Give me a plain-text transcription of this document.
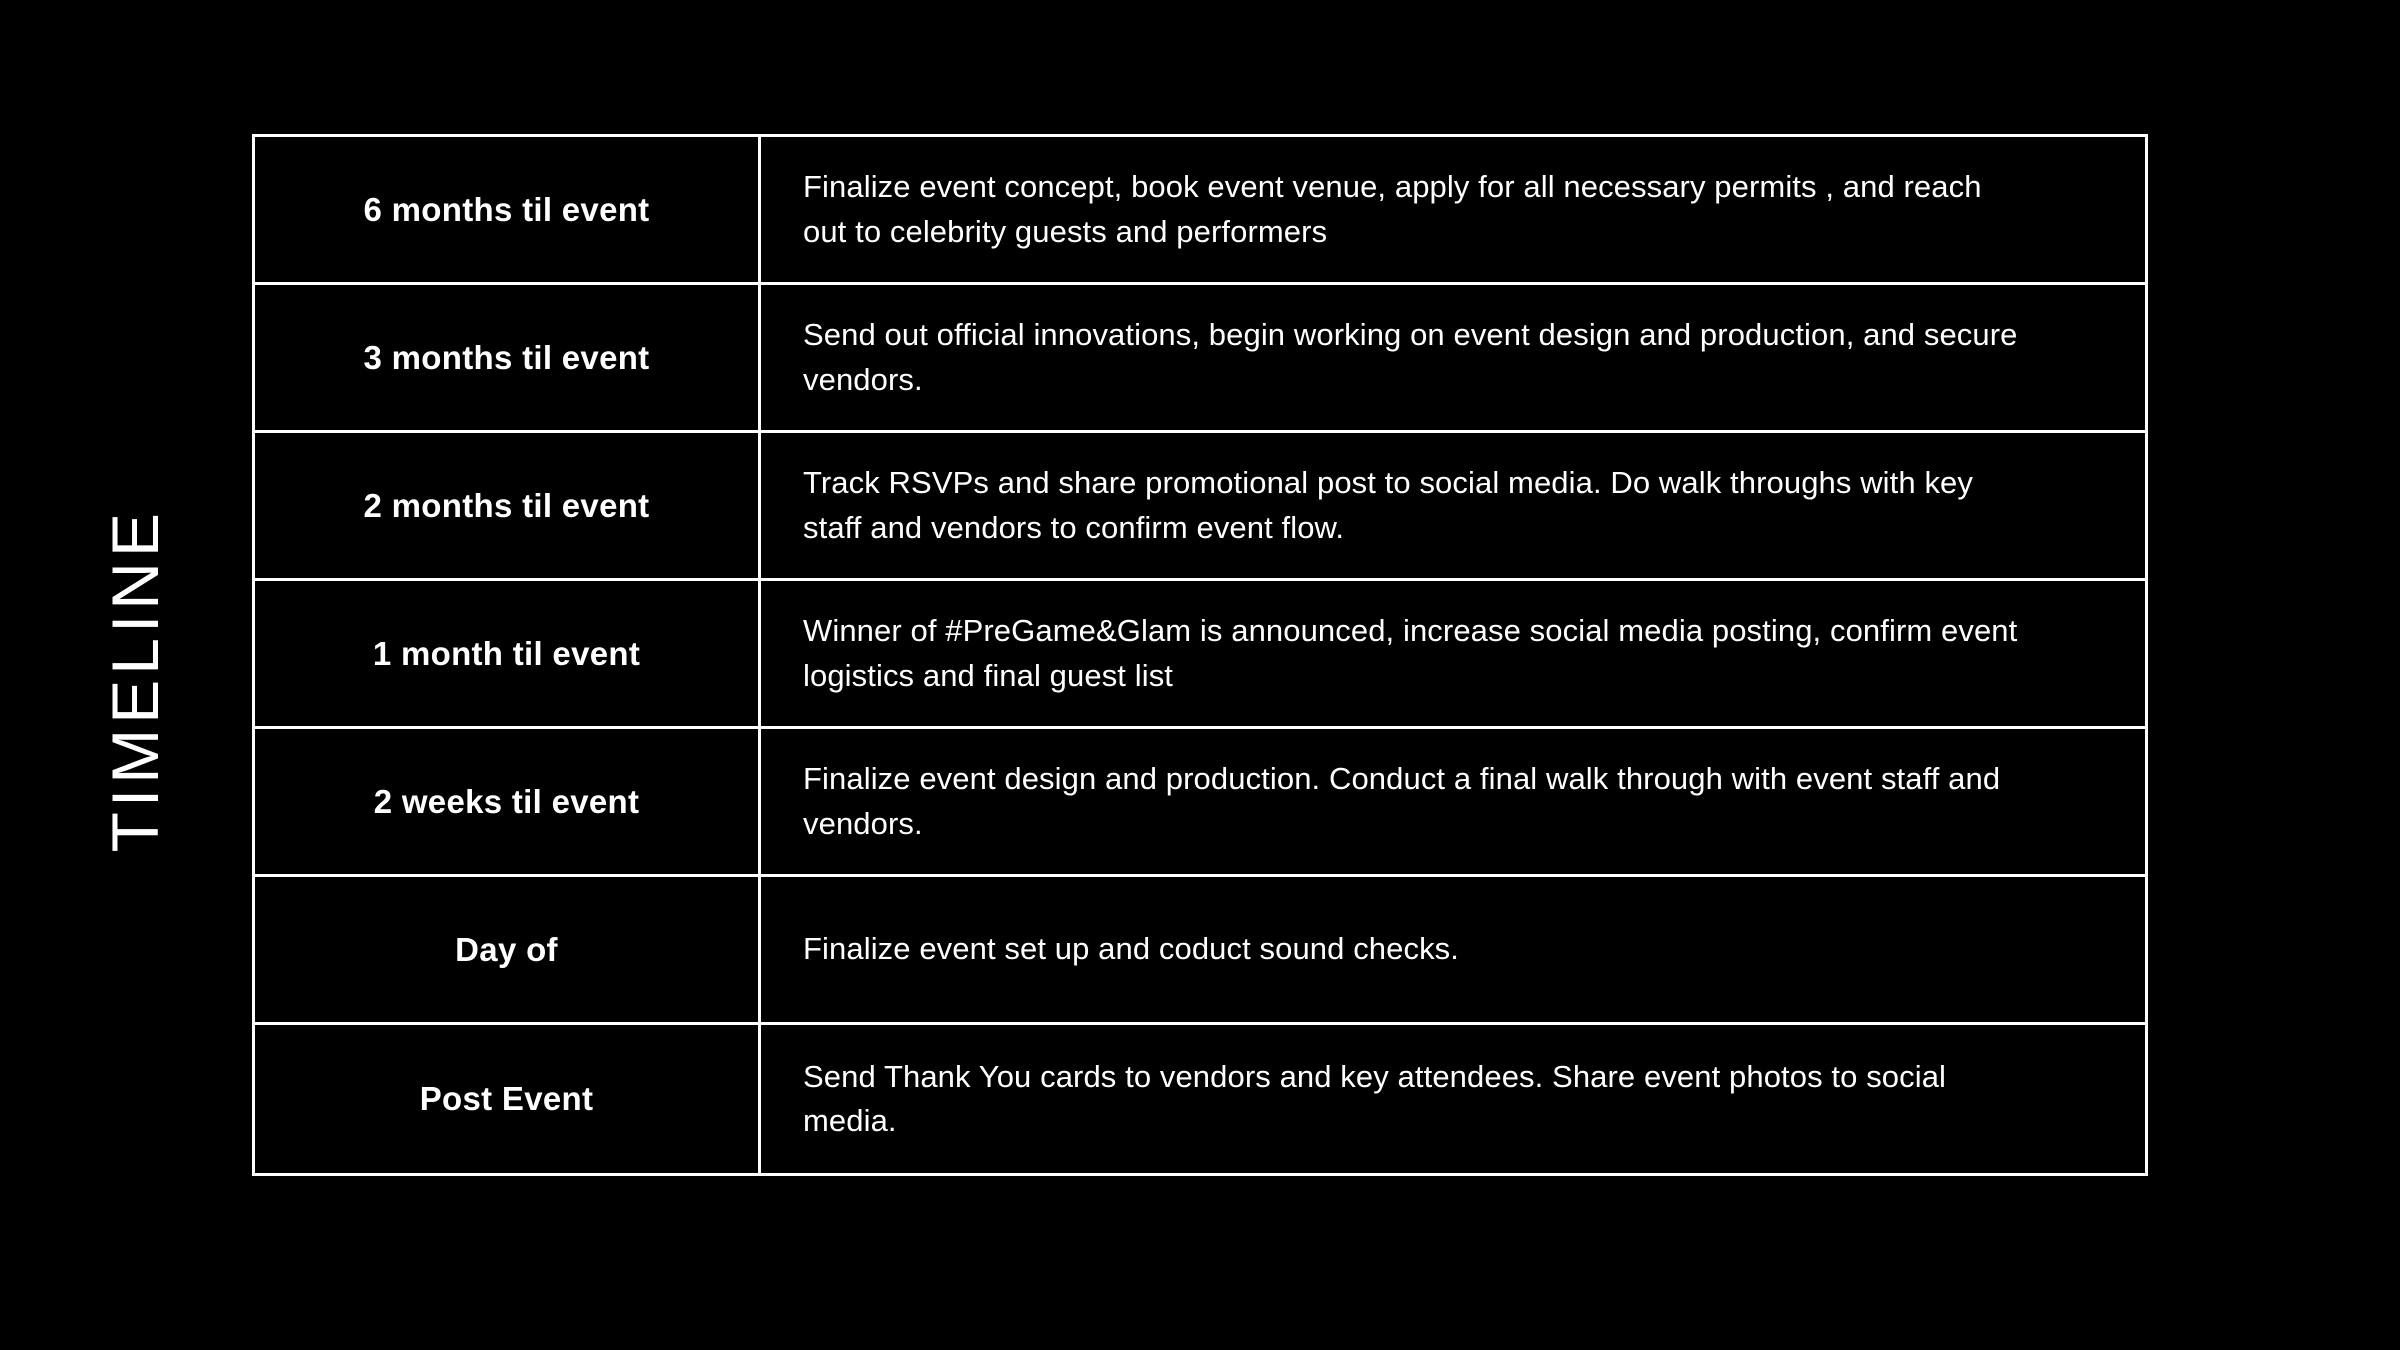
TIMELINE
6 months til event
Finalize event concept, book event venue, apply for all necessary permits , and reach out to celebrity guests and performers
3 months til event
Send out official innovations, begin working on event design and production, and secure vendors.
2 months til event
Track RSVPs and share promotional post to social media. Do walk throughs with key staff and vendors to confirm event flow.
1 month til event
Winner of #PreGame&Glam is announced, increase social media posting, confirm event logistics and final guest list
2 weeks til event
Finalize event design and production. Conduct a final walk through with event staff and vendors.
Day of	Finalize event set up and coduct sound checks.
Post Event
Send Thank You cards to vendors and key attendees. Share event photos to social media.
